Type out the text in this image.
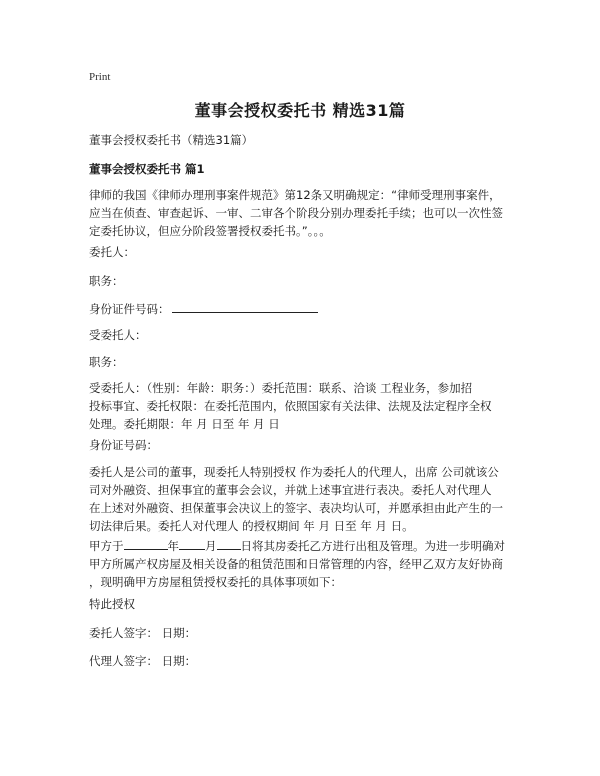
Print
董事会授权委托书 精选31篇
董事会授权委托书（精选31篇）
董事会授权委托书 篇1
律师的我国《律师办理刑事案件规范》第12条又明确规定：“律师受理刑事案件，
应当在侦查、审查起诉、一审、二审各个阶段分别办理委托手续；也可以一次性签
定委托协议，但应分阶段签署授权委托书。”。。。
委托人：
职务：
身份证件号码：
受委托人：
职务：
受委托人：（性别：年龄：职务：）委托范围：联系、洽谈 工程业务，参加招
投标事宜、委托权限：在委托范围内，依照国家有关法律、法规及法定程序全权
处理。委托期限：年 月 日至 年 月 日
身份证号码：
委托人是公司的董事，现委托人特别授权 作为委托人的代理人，出席 公司就该公
司对外融资、担保事宜的董事会会议，并就上述事宜进行表决。委托人对代理人
在上述对外融资、担保董事会决议上的签字、表决均认可，并愿承担由此产生的一
切法律后果。委托人对代理人 的授权期间 年 月 日至 年 月 日。
甲方于	年 月 日将其房委托乙方进行出租及管理。为进一步明确对
甲方所属产权房屋及相关设备的租赁范围和日常管理的内容，经甲乙双方友好协商
，现明确甲方房屋租赁授权委托的具体事项如下：
特此授权
委托人签字： 日期：
代理人签字： 日期：
